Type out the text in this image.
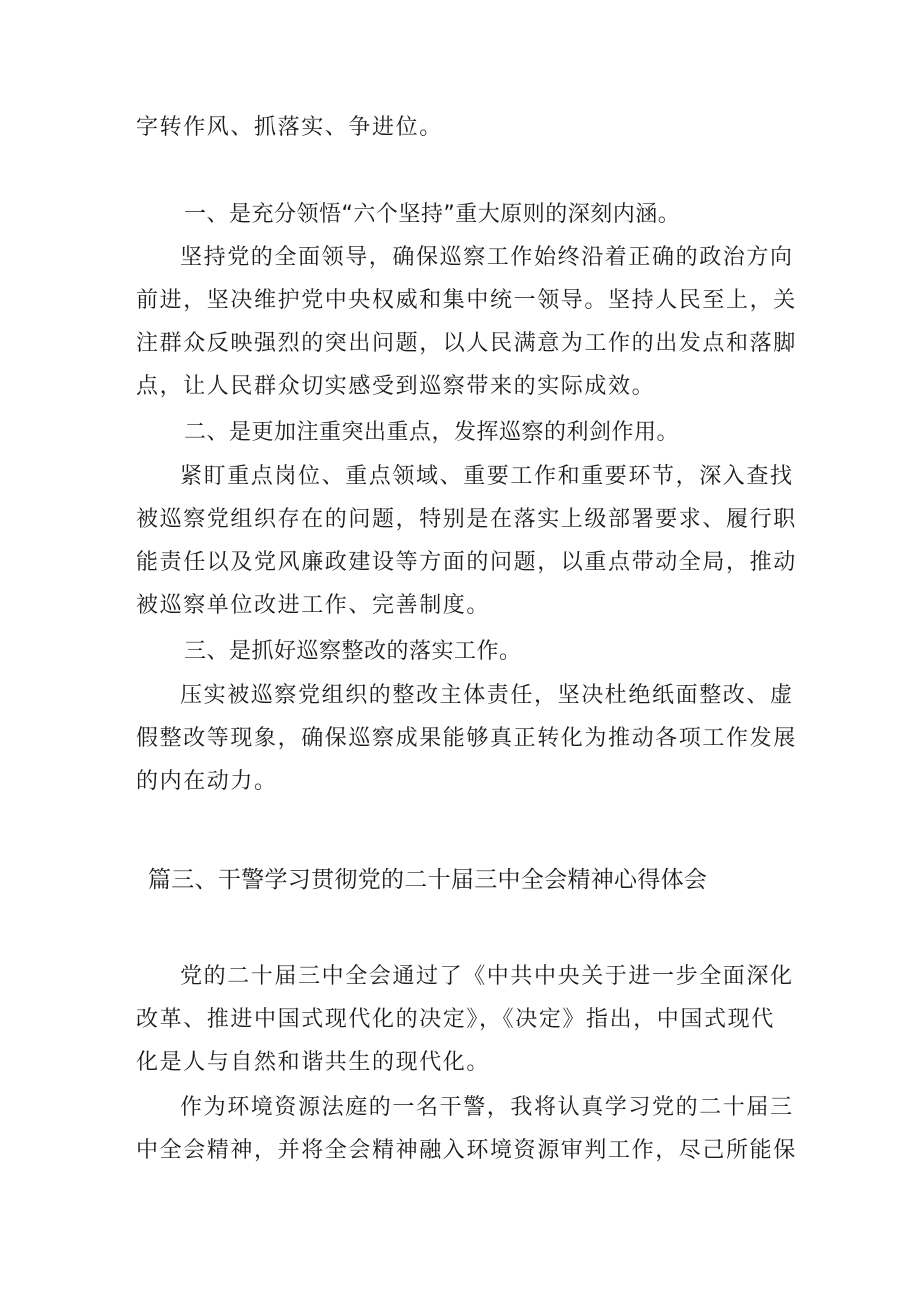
字转作风、抓落实、争进位。
一、是充分领悟“六个坚持”重大原则的深刻内涵。
坚持党的全面领导，确保巡察工作始终沿着正确的政治方向
前进，坚决维护党中央权威和集中统一领导。坚持人民至上，关
注群众反映强烈的突出问题，以人民满意为工作的出发点和落脚
点，让人民群众切实感受到巡察带来的实际成效。
二、是更加注重突出重点，发挥巡察的利剑作用。
紧盯重点岗位、重点领域、重要工作和重要环节，深入查找
被巡察党组织存在的问题，特别是在落实上级部署要求、履行职
能责任以及党风廉政建设等方面的问题，以重点带动全局，推动
被巡察单位改进工作、完善制度。
三、是抓好巡察整改的落实工作。
压实被巡察党组织的整改主体责任，坚决杜绝纸面整改、虚
假整改等现象，确保巡察成果能够真正转化为推动各项工作发展
的内在动力。
篇三、干警学习贯彻党的二十届三中全会精神心得体会
党的二十届三中全会通过了《中共中央关于进一步全面深化
改革、推进中国式现代化的决定》，《决定》指出，中国式现代
化是人与自然和谐共生的现代化。
作为环境资源法庭的一名干警，我将认真学习党的二十届三
中全会精神，并将全会精神融入环境资源审判工作，尽己所能保
